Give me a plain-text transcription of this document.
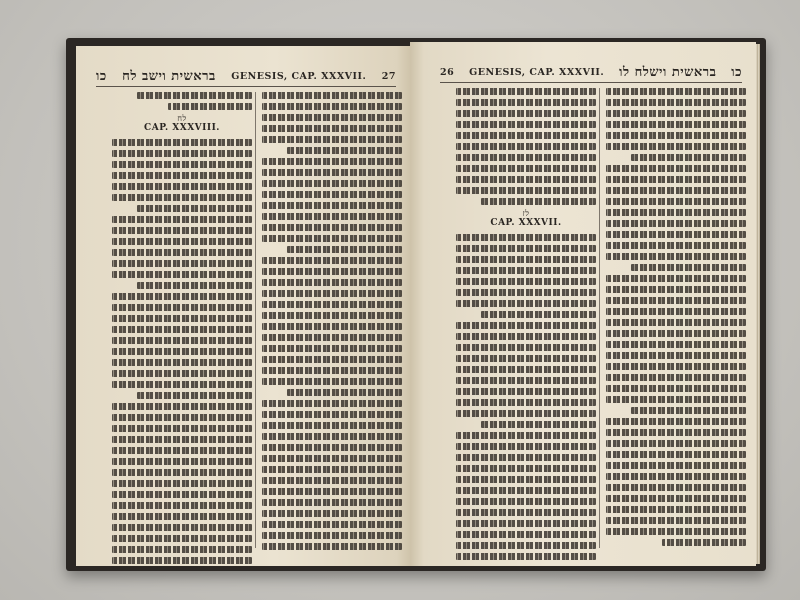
כו בראשית וישב לח GENESIS, CAP. XXXVII. 27
לח
CAP. XXXVIII.
26 GENESIS, CAP. XXXVII. בראשית וישלח לו כו
לז
CAP. XXXVII.
